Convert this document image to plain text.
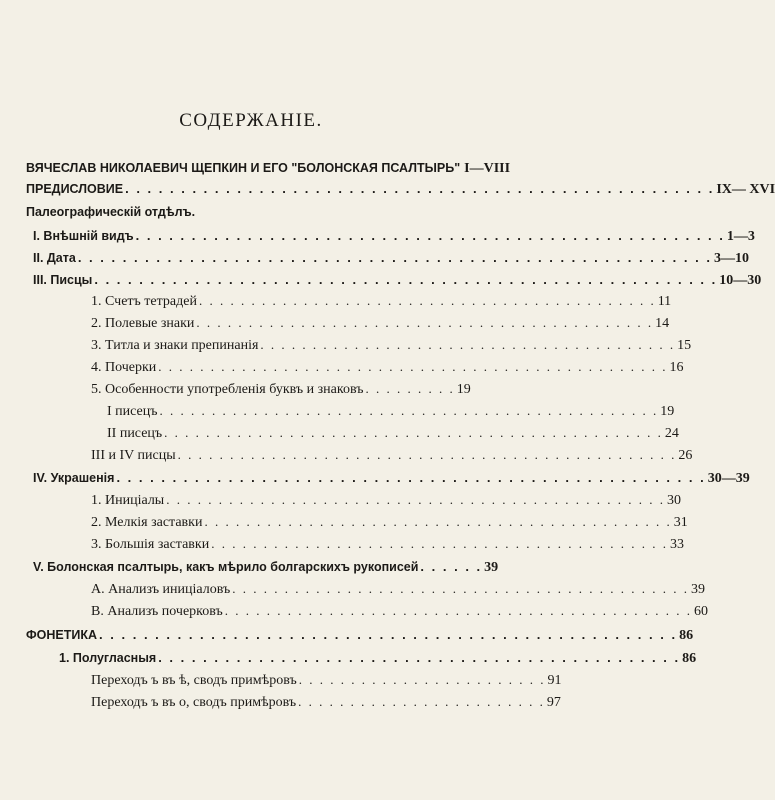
СОДЕРЖАНІЕ.
ВЯЧЕСЛАВ НИКОЛАЕВИЧ ЩЕПКИН И ЕГО "БОЛОНСКАЯ ПСАЛТЫРЬ" I—VIII
ПРЕДИСЛОВИЕ . . . . . . . . . . . . . . . . . . . . . . . . . . . . . . . . . . . . . . . . . . . . . . . . . . . . . IX— XVI
Палеографическій отдѣлъ.
I. Внѣшній видъ . . . . . . . . . . . . . . . . . . . . . . . . . . . . . . . . . . . . . . . . . . . . . . . . . . . . . 1—3
II. Дата . . . . . . . . . . . . . . . . . . . . . . . . . . . . . . . . . . . . . . . . . . . . . . . . . . . . . . . . . 3—10
III. Писцы . . . . . . . . . . . . . . . . . . . . . . . . . . . . . . . . . . . . . . . . . . . . . . . . . . . . . . . . 10—30
1. Счетъ тетрадей . . . . . . . . . . . . . . . . . . . . . . . . . . . . . . . . . . . . . . . . . . . . 11
2. Полевые знаки . . . . . . . . . . . . . . . . . . . . . . . . . . . . . . . . . . . . . . . . . . . . 14
3. Титла и знаки препинанія . . . . . . . . . . . . . . . . . . . . . . . . . . . . . . . . . . . . . . . . 15
4. Почерки . . . . . . . . . . . . . . . . . . . . . . . . . . . . . . . . . . . . . . . . . . . . . . . . . 16
5. Особенности употребленія буквъ и знаковъ . . . . . . . . . 19
I писецъ . . . . . . . . . . . . . . . . . . . . . . . . . . . . . . . . . . . . . . . . . . . . . . . . 19
II писецъ . . . . . . . . . . . . . . . . . . . . . . . . . . . . . . . . . . . . . . . . . . . . . . . . 24
III и IV писцы . . . . . . . . . . . . . . . . . . . . . . . . . . . . . . . . . . . . . . . . . . . . . . . . 26
IV. Украшенія . . . . . . . . . . . . . . . . . . . . . . . . . . . . . . . . . . . . . . . . . . . . . . . . . . . . . 30—39
1. Иниціалы . . . . . . . . . . . . . . . . . . . . . . . . . . . . . . . . . . . . . . . . . . . . . . . . 30
2. Мелкія заставки . . . . . . . . . . . . . . . . . . . . . . . . . . . . . . . . . . . . . . . . . . . . . 31
3. Большія заставки . . . . . . . . . . . . . . . . . . . . . . . . . . . . . . . . . . . . . . . . . . . . 33
V. Болонская псалтырь, какъ мѣрило болгарскихъ рукописей . . . . . . 39
А. Анализъ иниціаловъ . . . . . . . . . . . . . . . . . . . . . . . . . . . . . . . . . . . . . . . . . . . . 39
В. Анализъ почерковъ . . . . . . . . . . . . . . . . . . . . . . . . . . . . . . . . . . . . . . . . . . . . . 60
ФОНЕТИКА . . . . . . . . . . . . . . . . . . . . . . . . . . . . . . . . . . . . . . . . . . . . . . . . . . . . 86
1. Полугласныя . . . . . . . . . . . . . . . . . . . . . . . . . . . . . . . . . . . . . . . . . . . . . . . 86
Переходъ ъ въ ѣ, сводъ примѣровъ . . . . . . . . . . . . . . . . . . . . . . . . 91
Переходъ ъ въ о, сводъ примѣровъ . . . . . . . . . . . . . . . . . . . . . . . . 97
